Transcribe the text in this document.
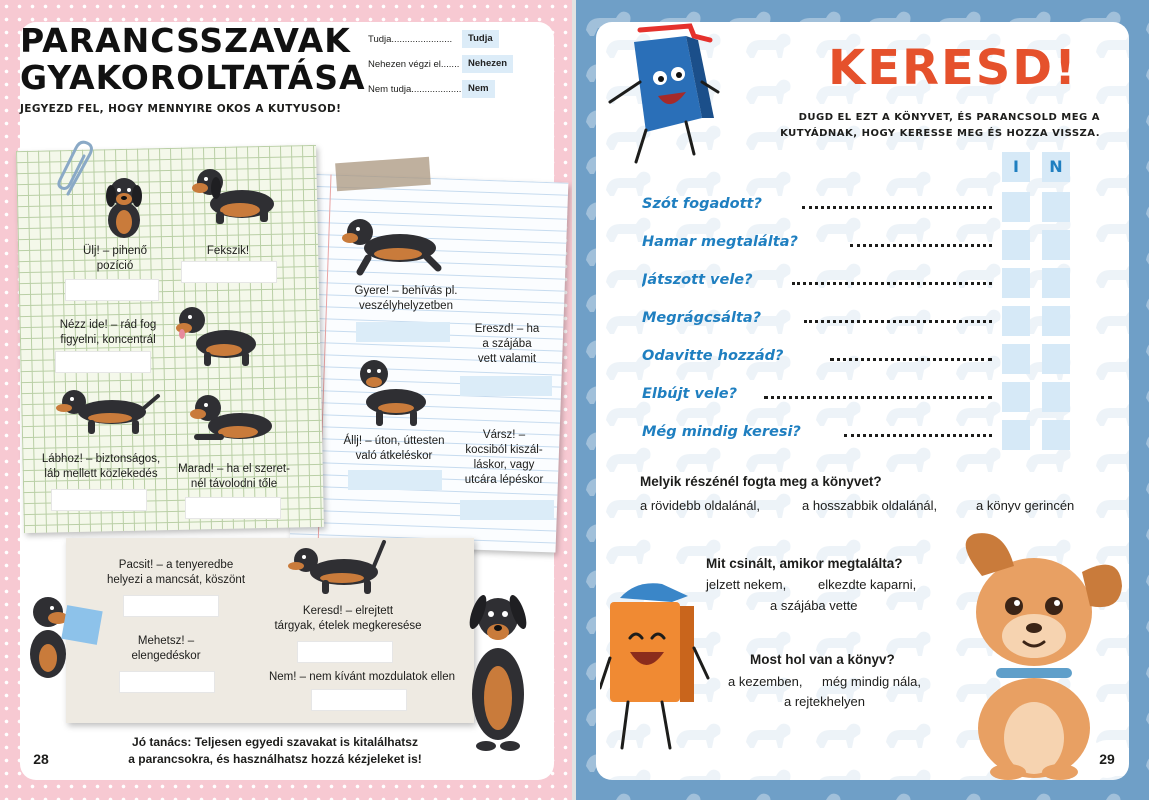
PARANCSSZAVAK
GYAKOROLTATÁSA
JEGYEZD FEL, HOGY MENNYIRE OKOS A KUTYUSOD!
Tudja.......................	Tudja
Nehezen végzi el....... Nehezen
Nem tudja................... Nem
Ülj! – pihenő pozíció
Fekszik!
Nézz ide! – rád fog figyelni, koncentrál
Lábhoz! – biztonságos, láb mellett közlekedés	Marad! – ha el szeret-
nél távolodni tőle
Gyere! – behívás pl.
veszélyhelyzetben
Ereszd! – ha
a szájába
vett valamit
Állj! – úton, úttesten
való átkeléskor
Vársz! –
kocsiból kiszál-
láskor, vagy
utcára lépéskor
Pacsit! – a tenyeredbe
helyezi a mancsát, köszönt
Keresd! – elrejtett
tárgyak, ételek megkeresése
Mehetsz! –
elengedéskor
Nem! – nem kívánt mozdulatok ellen
Jó tanács: Teljesen egyedi szavakat is kitalálhatsz
a parancsokra, és használhatsz hozzá kézjeleket is!
28
KERESD!
DUGD EL EZT A KÖNYVET, ÉS PARANCSOLD MEG A
KUTYÁDNAK, HOGY KERESSE MEG ÉS HOZZA VISSZA.
I	N
Szót fogadott?
Hamar megtalálta?
Játszott vele?
Megrágcsálta?
Odavitte hozzád?
Elbújt vele?
Még mindig keresi?
Melyik részénél fogta meg a könyvet?
a rövidebb oldalánál,	a hosszabbik oldalánál,	a könyv gerincén
Mit csinált, amikor megtalálta?
jelzett nekem, elkezdte kaparni,
a szájába vette
Most hol van a könyv?
a kezemben, még mindig nála,
a rejtekhelyen
29
